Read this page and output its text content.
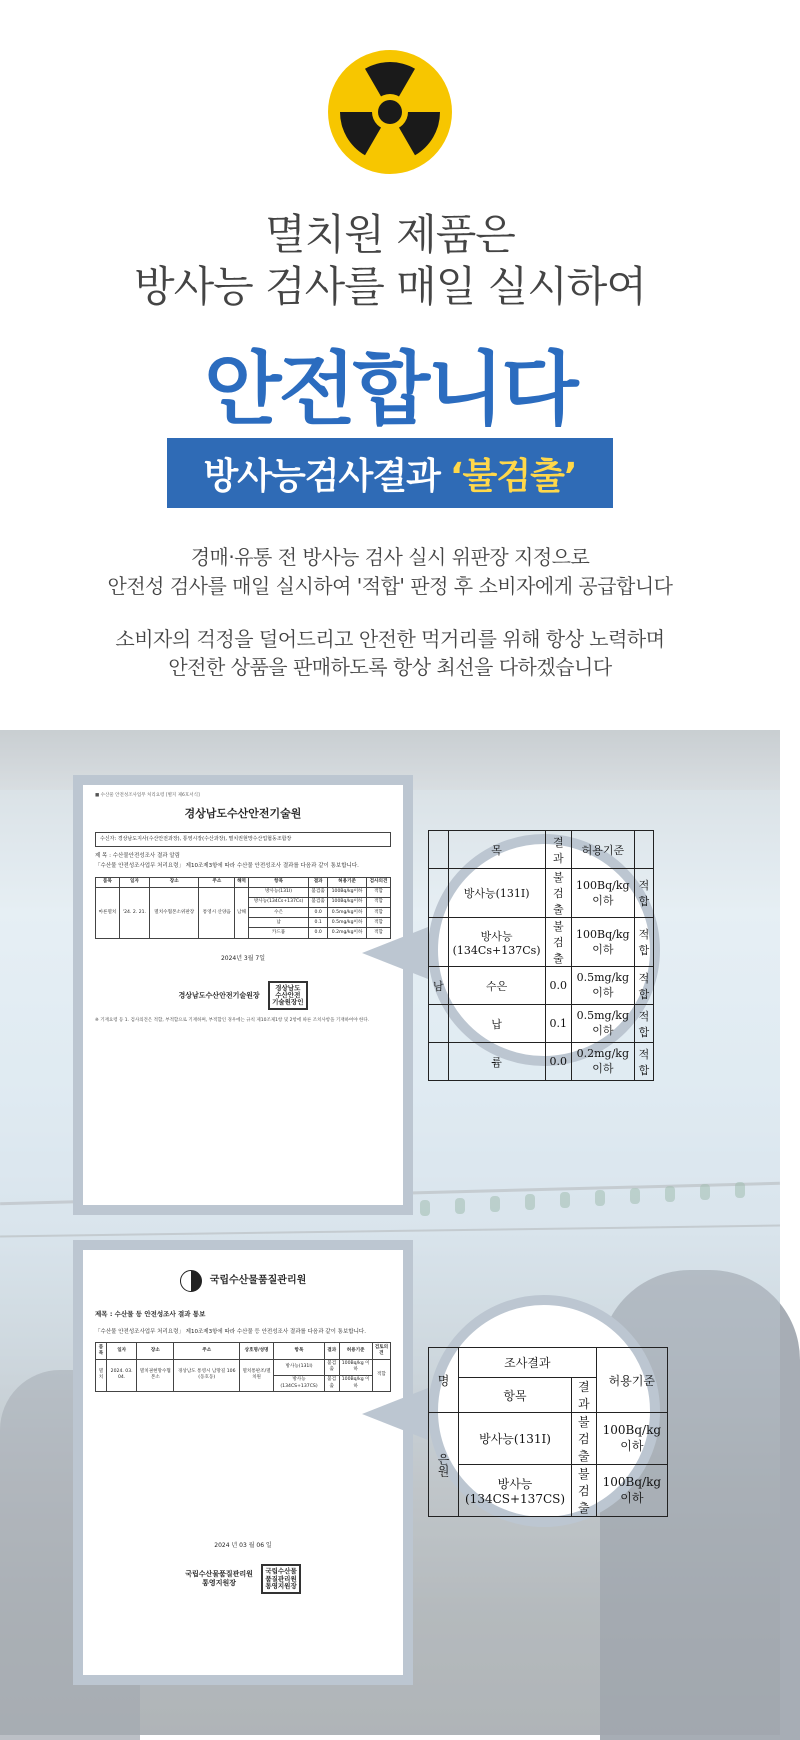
멸치원 제품은
방사능 검사를 매일 실시하여
안전합니다
방사능검사결과 ‘불검출’
경매·유통 전 방사능 검사 실시 위판장 지정으로
안전성 검사를 매일 실시하여 '적합' 판정 후 소비자에게 공급합니다
소비자의 걱정을 덜어드리고 안전한 먹거리를 위해 항상 노력하며
안전한 상품을 판매하도록 항상 최선을 다하겠습니다
■ 수산물 안전성조사업무 처리요령 [별지 제6호서식]
경상남도수산안전기술원
수신자: 경상남도지사(수산안전과장), 통영시장(수산과장), 멸치권현망수산업협동조합장
제 목 : 수산물안전성조사 결과 알림
「수산물 안전성조사업무 처리요령」 제10조제3항에 따라 수산물 안전성조사 결과를 다음과 같이 통보합니다.
품목	일자	장소	주소	해역	항목	결과	허용기준	검사의견
마른멸치	'24. 2. 21.	멸치수협본소위판장	통영시 산양읍	남해	방사능(131I)	불검출	100Bq/kg이하	적합
					방사능(134Cs+137Cs)	불검출	100Bq/kg이하	적합
					수은	0.0	0.5mg/kg이하	적합
					납	0.1	0.5mg/kg이하	적합
					카드뮴	0.0	0.2mg/kg이하	적합
2024년 3월 7일
경상남도수산안전기술원장
경상남도
수산안전
기술원장인
※ 기재요령 등 1. 검사의견은 적합, 부적합으로 기재하며, 부적합인 경우에는 규칙 제10조제1항 및 2항에 따른 조치사항을 기재하여야 한다.
	목	결과	허용기준	
	방사능(131I)	불검출	100Bq/kg이하	적합
	방사능(134Cs+137Cs)	불검출	100Bq/kg이하	적합
남	수은	0.0	0.5mg/kg이하	적합
	납	0.1	0.5mg/kg이하	적합
	륨	0.0	0.2mg/kg이하	적합
국립수산물품질관리원
제목 : 수산물 등 안전성조사 결과 통보
「수산물 안전성조사업무 처리요령」 제10조제3항에 따라 수산물 등 안전성조사 결과를 다음과 같이 통보합니다.
품목	일자	장소	주소	상호명/성명	항목	결과	허용기준	검토의견
멸치	2024. 03. 04.	멸치권현망수협 본소	경상남도 통영시 남망길 106 (동호동)	멸치통판조/멸치원	방사능(131I)	불검출	100Bq/kg 이하	적합
					방사능(134CS+137CS)	불검출	100Bq/kg 이하	
2024 년 03 월 06 일
국립수산물품질관리원
통영지원장

국립수산물
품질관리원
통영지원장
명	조사결과		허용기준
	항목	결과	
은원	방사능(131I)	불검출	100Bq/kg 이하
	방사능 (134CS+137CS)	불검출	100Bq/kg 이하
